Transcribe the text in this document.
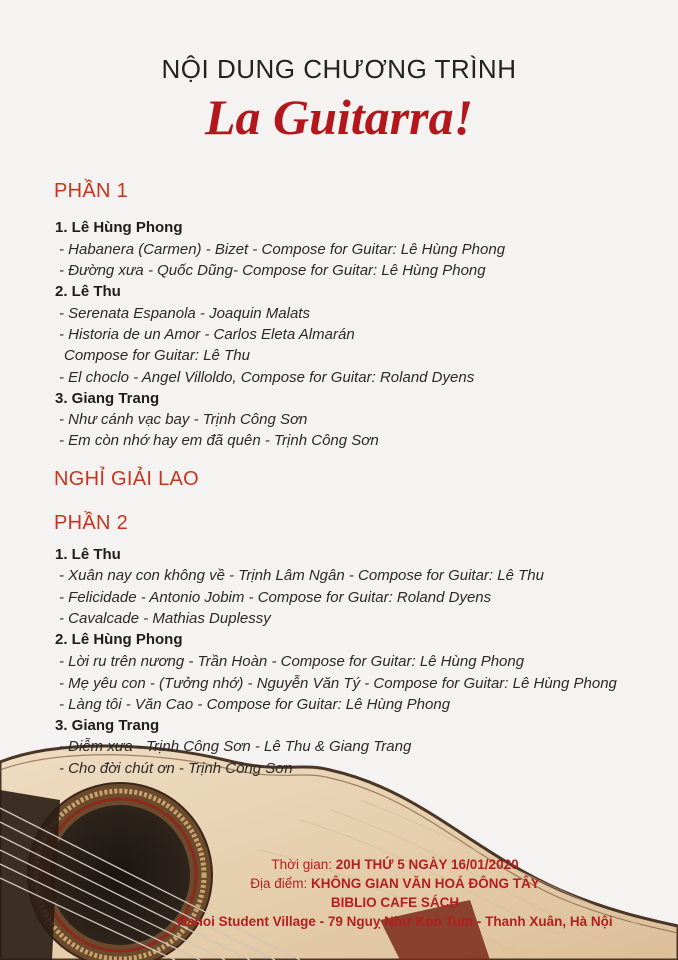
NỘI DUNG CHƯƠNG TRÌNH
La Guitarra!
PHẦN 1
1. Lê Hùng Phong
- Habanera (Carmen) - Bizet - Compose for Guitar: Lê Hùng Phong
- Đường xưa - Quốc Dũng- Compose for Guitar: Lê Hùng Phong
2. Lê Thu
- Serenata Espanola - Joaquin Malats
- Historia de un Amor - Carlos Eleta Almarán
Compose for Guitar: Lê Thu
- El choclo - Angel Villoldo, Compose for Guitar: Roland Dyens
3. Giang Trang
- Như cánh vạc bay - Trịnh Công Sơn
- Em còn nhớ hay em đã quên - Trịnh Công Sơn
NGHỈ GIẢI LAO
PHẦN 2
1. Lê Thu
- Xuân nay con không về - Trịnh Lâm Ngân - Compose for Guitar: Lê Thu
- Felicidade - Antonio Jobim - Compose for Guitar: Roland Dyens
- Cavalcade - Mathias Duplessy
2. Lê Hùng Phong
- Lời ru trên nương - Trần Hoàn - Compose for Guitar: Lê Hùng Phong
- Mẹ yêu con - (Tưởng nhớ) - Nguyễn Văn Tý - Compose for Guitar: Lê Hùng Phong
- Làng tôi - Văn Cao - Compose for Guitar: Lê Hùng Phong
3. Giang Trang
- Diễm xưa - Trịnh Công Sơn - Lê Thu & Giang Trang
- Cho đời chút ơn - Trịnh Công Sơn
Thời gian: 20H THỨ 5 NGÀY 16/01/2020
Địa điểm: KHÔNG GIAN VĂN HOÁ ĐÔNG TÂY
BIBLIO CAFE SÁCH
Hanoi Student Village - 79 Nguỵ Như Kon Tum - Thanh Xuân, Hà Nội
